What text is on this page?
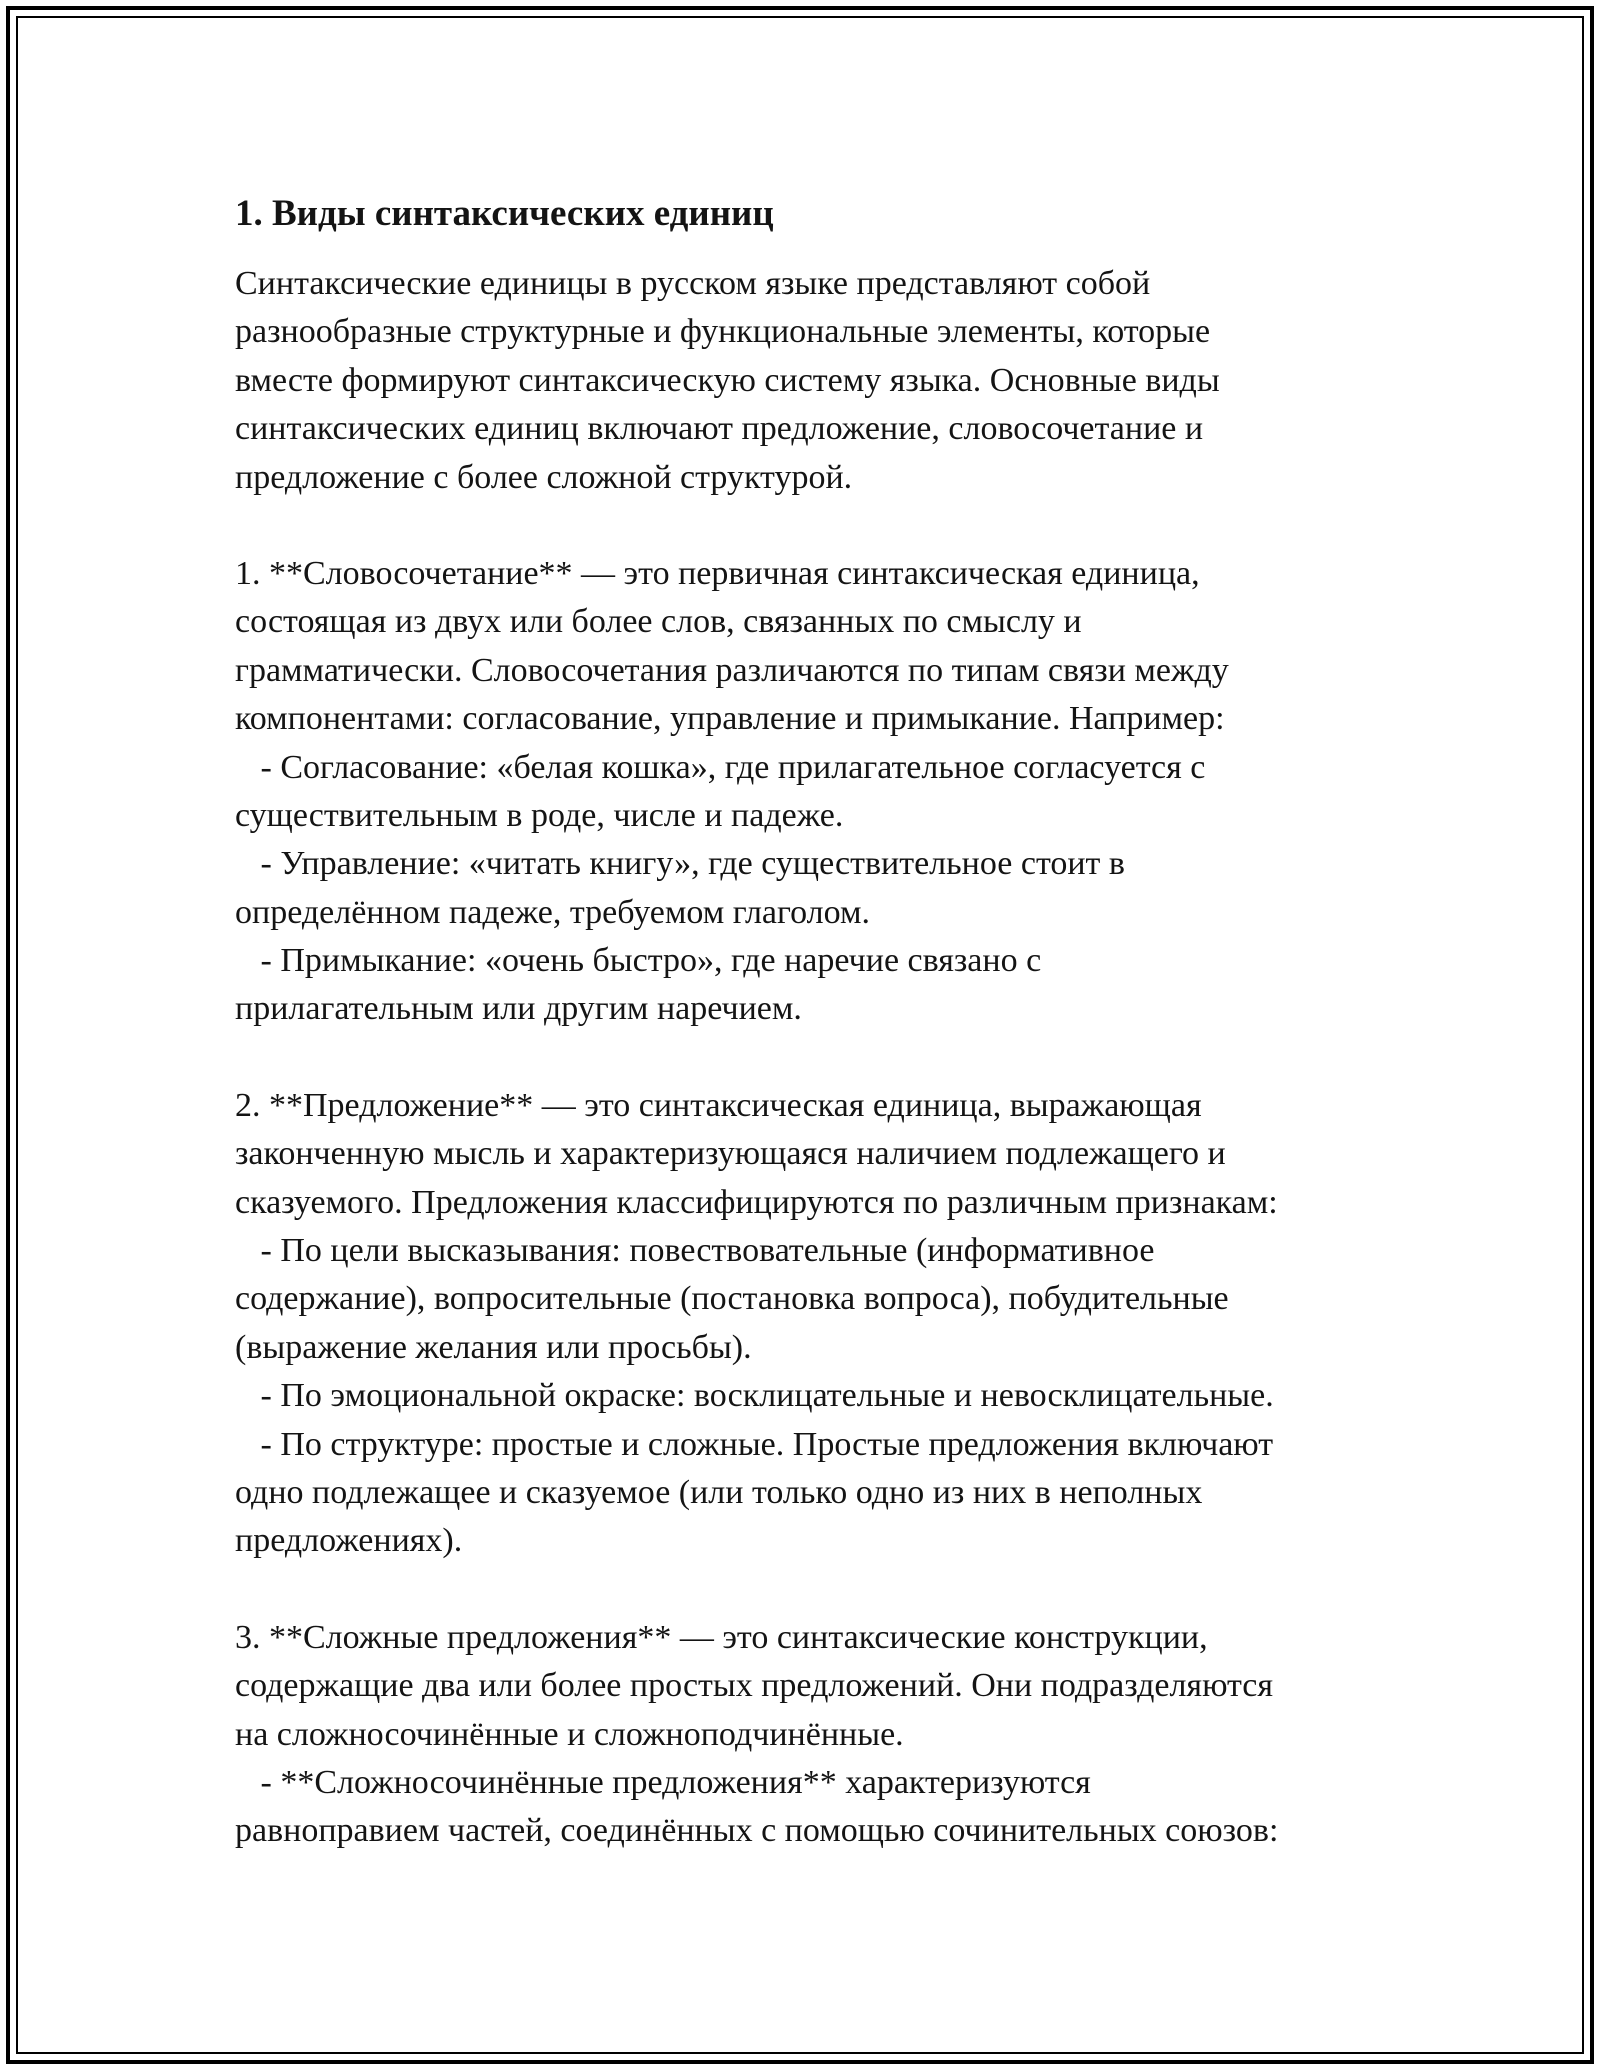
1. Виды синтаксических единиц
Синтаксические единицы в русском языке представляют собой
разнообразные структурные и функциональные элементы, которые
вместе формируют синтаксическую систему языка. Основные виды
синтаксических единиц включают предложение, словосочетание и
предложение с более сложной структурой.
1. **Словосочетание** — это первичная синтаксическая единица,
состоящая из двух или более слов, связанных по смыслу и
грамматически. Словосочетания различаются по типам связи между
компонентами: согласование, управление и примыкание. Например:
- Согласование: «белая кошка», где прилагательное согласуется с
существительным в роде, числе и падеже.
- Управление: «читать книгу», где существительное стоит в
определённом падеже, требуемом глаголом.
- Примыкание: «очень быстро», где наречие связано с
прилагательным или другим наречием.
2. **Предложение** — это синтаксическая единица, выражающая
законченную мысль и характеризующаяся наличием подлежащего и
сказуемого. Предложения классифицируются по различным признакам:
- По цели высказывания: повествовательные (информативное
содержание), вопросительные (постановка вопроса), побудительные
(выражение желания или просьбы).
- По эмоциональной окраске: восклицательные и невосклицательные.
- По структуре: простые и сложные. Простые предложения включают
одно подлежащее и сказуемое (или только одно из них в неполных
предложениях).
3. **Сложные предложения** — это синтаксические конструкции,
содержащие два или более простых предложений. Они подразделяются
на сложносочинённые и сложноподчинённые.
- **Сложносочинённые предложения** характеризуются
равноправием частей, соединённых с помощью сочинительных союзов:
